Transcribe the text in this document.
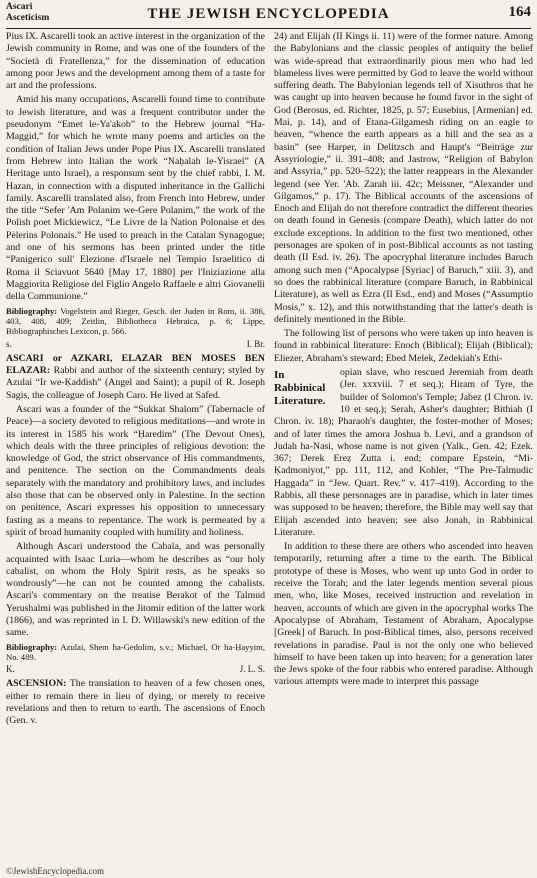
Ascari
Asceticism	THE JEWISH ENCYCLOPEDIA	164

Pius IX. Ascarelli took an active interest in the organization of the Jewish community in Rome, and was one of the founders of the “Società di Fratellenza,” for the dissemination of education among poor Jews and the development among them of a taste for art and the professions.

Amid his many occupations, Ascarelli found time to contribute to Jewish literature, and was a frequent contributor under the pseudonym “Emet le-Ya'akob” to the Hebrew journal “Ha-Maggid,” for which he wrote many poems and articles on the condition of Italian Jews under Pope Pius IX. Ascarelli translated from Hebrew into Italian the work “Naḥalah le-Yisrael” (A Heritage unto Israel), a responsum sent by the chief rabbi, I. M. Hazan, in connection with a disputed inheritance in the Gallichi family. Ascarelli translated also, from French into Hebrew, under the title “Sefer 'Am Polanim we-Gere Polanim,” the work of the Polish poet Mickiewicz, “Le Livre de la Nation Polonaise et des Pèlerins Polonais.” He used to preach in the Catalan Synagogue; and one of his sermons has been printed under the title “Panigerico sull' Elezione d'Israele nel Tempio Israelitico di Roma il Sciavuot 5640 [May 17, 1880] per l'Iniziazione alla Maggiorita Religiose del Figlio Angelo Raffaele e altri Giovanelli della Communione.”

Bibliography: Vogelstein and Rieger, Gesch. der Juden in Rom, ii. 386, 403, 408, 409; Zeitlin, Bibliotheca Hebraica, p. 6; Lippe, Bibliographisches Lexicon, p. 566.

s.	I. Br.

ASCARI or AZKARI, ELAZAR BEN MOSES BEN ELAZAR: Rabbi and author of the sixteenth century; styled by Azulai “Ir we-Ḳaddish” (Angel and Saint); a pupil of R. Joseph Sagis, the colleague of Joseph Caro. He lived at Safed.

Ascari was a founder of the “Sukkat Shalom” (Tabernacle of Peace)—a society devoted to religious meditations—and wrote in its interest in 1585 his work “Ḥaredim” (The Devout Ones), which deals with the three principles of religious devotion: the knowledge of God, the strict observance of His commandments, and penitence. The section on the Commandments deals separately with the mandatory and prohibitory laws, and includes also those that can be observed only in Palestine. In the section on penitence, Ascari expresses his opposition to unnecessary fasting as a means to repentance. The work is permeated by a spirit of broad humanity coupled with humility and holiness.

Although Ascari understood the Cabala, and was personally acquainted with Isaac Luria—whom he describes as “our holy cabalist, on whom the Holy Spirit rests, as he speaks so wondrously”—he can not be counted among the cabalists. Ascari's commentary on the treatise Berakot of the Talmud Yerushalmi was published in the Jitomir edition of the latter work (1866), and was reprinted in I. D. Willawski's new edition of the same.

Bibliography: Azulai, Shem ha-Gedolim, s.v.; Michael, Or ha-Ḥayyim, No. 489.

K.	J. L. S.

ASCENSION: The translation to heaven of a few chosen ones, either to remain there in lieu of dying, or merely to receive revelations and then to return to earth. The ascensions of Enoch (Gen. v.

24) and Elijah (II Kings ii. 11) were of the former nature. Among the Babylonians and the classic peoples of antiquity the belief was wide-spread that extraordinarily pious men who had led blameless lives were permitted by God to leave the world without suffering death. The Babylonian legends tell of Xisuthros that he was caught up into heaven because he found favor in the sight of God (Berosus, ed. Richter, 1825, p. 57; Eusebius, [Armenian] ed. Mai, p. 14), and of Etana-Gilgamesh riding on an eagle to heaven, “whence the earth appears as a hill and the sea as a basin” (see Harper, in Delitzsch and Haupt's “Beiträge zur Assyriologie,” ii. 391–408; and Jastrow, “Religion of Babylon and Assyria,” pp. 520–522); the latter reappears in the Alexander legend (see Yer. 'Ab. Zarah iii. 42c; Meissner, “Alexander und Gilgamos,” p. 17). The Biblical accounts of the ascensions of Enoch and Elijah do not therefore contradict the different theories on death found in Genesis (compare Death), which latter do not exclude exceptions. In addition to the first two mentioned, other personages are spoken of in post-Biblical accounts as not tasting death (II Esd. iv. 26). The apocryphal literature includes Baruch among such men (“Apocalypse [Syriac] of Baruch,” xiii. 3), and so does the rabbinical literature (compare Baruch, in Rabbinical Literature), as well as Ezra (II Esd., end) and Moses (“Assumptio Mosis,” x. 12), and this notwithstanding that the latter's death is definitely mentioned in the Bible.

The following list of persons who were taken up into heaven is found in rabbinical literature: Enoch (Biblical); Elijah (Biblical); Eliezer, Abraham's steward; Ebed Melek, Zedekiah's Ethi-

In Rabbinical Literature.
opian slave, who rescued Jeremiah from death (Jer. xxxviii. 7 et seq.); Hiram of Tyre, the builder of Solomon's Temple; Jabez (I Chron. iv. 10 et seq.); Serah, Asher's daughter; Bithiah (I Chron. iv. 18); Pharaoh's daughter, the foster-mother of Moses; and of later times the amora Joshua b. Levi, and a grandson of Judah ha-Nasi, whose name is not given (Yalk., Gen. 42; Ezek. 367; Derek Ereẓ Zutta i. end; compare Epstein, “Mi-Ḳadmoniyot,” pp. 111, 112, and Kohler, “The Pre-Talmudic Haggada” in “Jew. Quart. Rev.” v. 417–419). According to the Rabbis, all these personages are in paradise, which in later times was supposed to be heaven; therefore, the Bible may well say that Elijah ascended into heaven; see also Jonah, in Rabbinical Literature.

In addition to these there are others who ascended into heaven temporarily, returning after a time to the earth. The Biblical prototype of these is Moses, who went up unto God in order to receive the Torah; and the later legends mention several pious men, who, like Moses, received instruction and revelation in heaven, accounts of which are given in the apocryphal works The Apocalypse of Abraham, Testament of Abraham, Apocalypse [Greek] of Baruch. In post-Biblical times, also, persons received revelations in paradise. Paul is not the only one who believed himself to have been taken up into heaven; for a generation later the Jews spoke of the four rabbis who entered paradise. Although various attempts were made to interpret this passage

©JewishEncyclopedia.com
